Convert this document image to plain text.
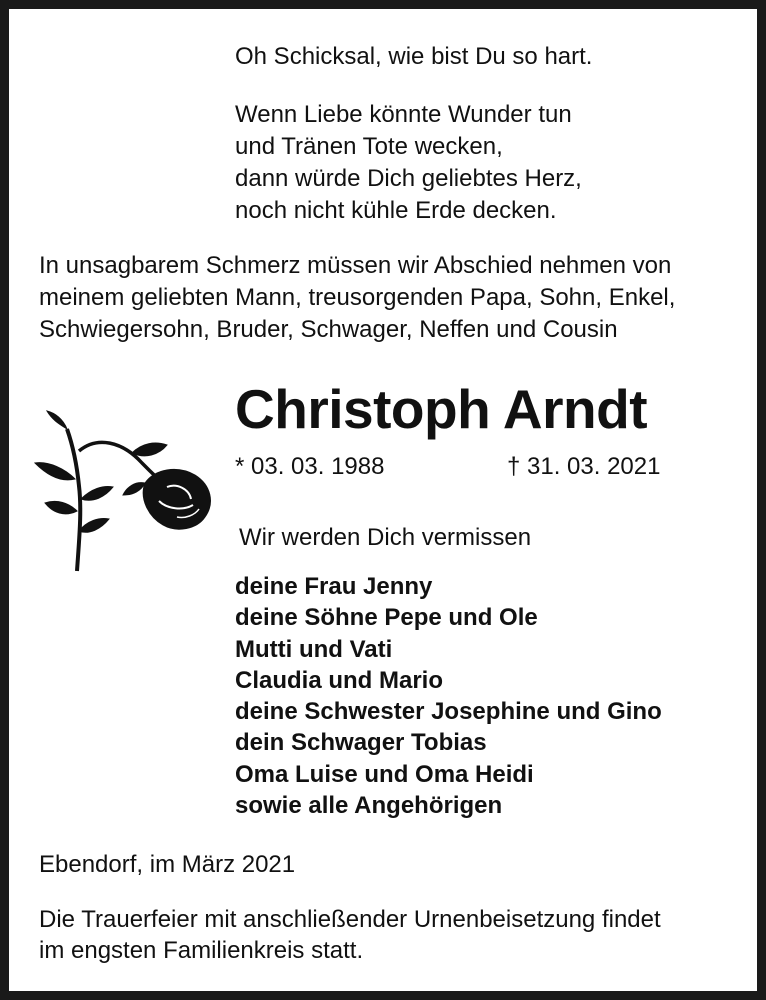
Oh Schicksal, wie bist Du so hart.
Wenn Liebe könnte Wunder tun
und Tränen Tote wecken,
dann würde Dich geliebtes Herz,
noch nicht kühle Erde decken.
In unsagbarem Schmerz müssen wir Abschied nehmen von
meinem geliebten Mann, treusorgenden Papa, Sohn, Enkel,
Schwiegersohn, Bruder, Schwager, Neffen und Cousin
Christoph Arndt
* 03. 03. 1988	† 31. 03. 2021
Wir werden Dich vermissen
deine Frau Jenny
deine Söhne Pepe und Ole
Mutti und Vati
Claudia und Mario
deine Schwester Josephine und Gino
dein Schwager Tobias
Oma Luise und Oma Heidi
sowie alle Angehörigen
Ebendorf, im März 2021
Die Trauerfeier mit anschließender Urnenbeisetzung findet
im engsten Familienkreis statt.
